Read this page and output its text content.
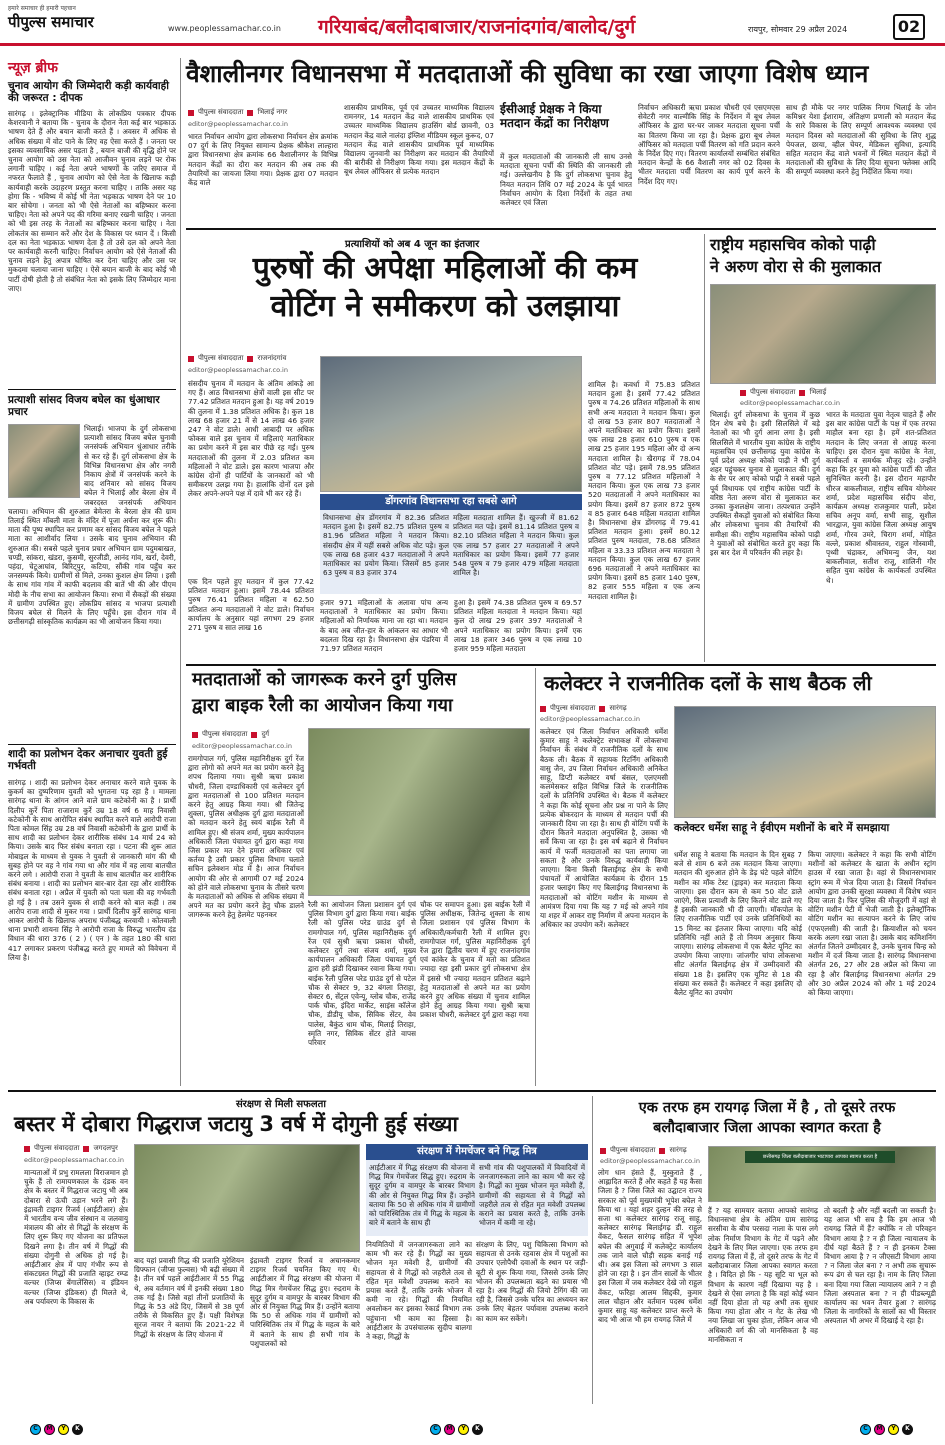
हमारे समाचार ही हमारी पहचान
पीपुल्स समाचार	www.peoplessamachar.co.in गरियाबंद/बलौदाबाजार/राजनांदगांव/बालोद/दुर्ग	रायपुर, सोमवार 29 अप्रैल 2024	02
न्यूज़ ब्रीफ
चुनाव आयोग की जिम्मेदारी कड़ी कार्यवाही की जरूरत : दीपक
सारंगढ़ । इलेक्ट्रानिक मीडिया के लोकप्रिय पत्रकार दीपक केशरवानी ने बताया कि - चुनाव के दौरान नेता कई बार भड़काऊ भाषण देते हैं और बयान बाजी करते हैं । अवसर में अधिक से अधिक संख्या में वोट पाने के लिए वह ऐसा करते हैं । जनता पर इसका व्यवसायिक असर पड़ता है , बयान बाजी की वृद्धि होने पर चुनाव आयोग को उस नेता को आजीवन चुनाव लड़ने पर रोक लगानी चाहिए । कई नेता अपने भाषणों के जरिए समाज में नफरत फैलाते हैं , चुनाव आयोग को ऐसे नेता के खिलाफ कड़ी कार्यवाही करके उदाहरण प्रस्तुत करना चाहिए । ताकि असर यह होगा कि - भविष्य में कोई भी नेता भड़काऊ भाषण देने पर 10 बार सोचेगा । जनता को भी ऐसे नेताओं का बहिष्कार करना चाहिए। नेता को अपने पद की गरिमा बनाए रखनी चाहिए । जनता को भी इस तरह के नेताओं का बहिष्कार करना चाहिए । नेता लोकतंत्र का सम्मान करें और देश के विकास पर ध्यान दें । किसी दल का नेता भड़काऊ भाषण देता है तो उसे दल को अपने नेता पर कार्यवाही करनी चाहिए। निर्वाचन आयोग को ऐसे नेताओं की चुनाव लड़ने हेतु अपात्र घोषित कर देना चाहिए और उस पर मुकदमा चलाया जाना चाहिए । ऐसे बयान बाजी के बाद कोई भी पार्टी दोषी होती है तो संबंधित नेता को इसके लिए जिम्मेदार माना जाए।
प्रत्याशी सांसद विजय बघेल का धुंआधार प्रचार
भिलाई। भाजपा के दुर्ग लोकसभा प्रत्याशी सांसद विजय बघेल चुनावी जनसंपर्क अभियान धुंआधार तरीके से कर रहे हैं। दुर्ग लोकसभा क्षेत्र के विभिन्न विधानसभा क्षेत्र और नगरी निकाय क्षेत्रों में जनसंपर्क करने के बाद शनिवार को सांसद विजय बघेल ने भिलाई और बेरला क्षेत्र में जबरदस्त जनसंपर्क अभियान चलाया। अभियान की शुरुआत बेमेतरा के बेरला क्षेत्र की ग्राम तिलाई स्थित माँबली माता के मंदिर में पूजा अर्चना कर शुरू की। माता की पूष्प स्थापित कर प्रणाम कर सांसद विजय बघेल ने पहले माता का आशीर्वाद लिया । उसके बाद चुनाव अभियान की शुरुआत की। सबसे पहले चुनाव प्रचार अभियान ग्राम पदुमबाखत, चण्डी, सांकरा, खंडरा, कुसमी, सुरजीडी, आनंद गांव, खर्रा, देवरी, पहंदा, चेटूआघांव, बिरिट्पुर, कटिया, सौंकी गांव पहुँच कर जनसम्पर्क किये। ग्रामीणों से मिले, उनका कुशल क्षेम लिया । इसी के साथ गांव गांव में काफी बदलाव की बातें भी की और पीएम मोदी के नीच सभा का आयोजन किया। सभा में सैकड़ों की संख्या में ग्रामीण उपस्थित हुए। लोकप्रिय सांसद व भाजपा प्रत्याशी विजय बघेल से मिलने के लिए पहुँचे। इस दौरान गांव में छत्तीसगढ़ी सांस्कृतिक कार्यक्रम का भी आयोजन किया गया।
शादी का प्रलोभन देकर अनाचार युवती हुई गर्भवती
सारंगढ़ । शादी का प्रलोभन देकर अनाचार करने वाले युवक के कुकर्म का दुष्परिणाम युवती को भुगतना पड़ रहा है । मामला सारंगढ़ थाना के आंगन आने वाले ग्राम कटेकोनी का है । प्रार्थी दिलीप कुर्रे पिता राजाराम कुर्रे उम्र 18 वर्ष 6 माह निवासी कटेकोनी के साथ आरोपित संबंध स्थापित करने वाले आरोपी राजा पिता कोमल सिंह उम्र 28 वर्ष निवासी कटेकोनी के द्वारा प्रार्थी के साथ शादी का प्रलोभन देकर शारीरिक संबंध 14 मार्च 24 को किया। उसके बाद फिर संबंध बनाता रहा । पटना की शुरू आत मोबाइल के माध्यम से युवक ने युवती से जानकारी मांग की थी सुबह होने पर वह ने गांव गया था और गांव में वह लाया बातचीत करने लगे । आरोपी राजा ने युवती के साथ बातचीत कर शारीरिक संबंध बनाया । शादी का प्रलोभन बार-बार देता रहा और शारीरिक संबंध बनाता रहा । अप्रैल में युवती को पता चला की वह गर्भवती हो गई है । तब उसने युवक से शादी करने को बात कही । तब आरोप राजा शादी से मुकर गया । प्रार्थी दिलीप कुर्रे सारंगढ़ थाना आकर आरोपी के खिलाफ अपराध पंजीबद्ध करवायी । कोतवाली थाना प्रभारी शायना सिंह ने आरोपी राजा के विरुद्ध भारतीय दंड विधान की धारा 376 ( 2 ) ( एन ) के तहत 180 की धारा 417 लगाकर प्रकरण पंजीबद्ध करते हुए मामले को विवेचना में लिया है।
वैशालीनगर विधानसभा में मतदाताओं की सुविधा का रखा जाएगा विशेष ध्यान
पीपुल्स संवाददाता भिलाई नगर
editor@peoplessamachar.co.in
भारत निर्वाचन आयोग द्वारा लोकसभा निर्वाचन क्षेत्र क्रमांक 07 दुर्ग के लिए नियुक्त सामान्य प्रेक्षक श्रीकेश लाल्हारा द्वारा विधानसभा क्षेत्र क्रमांक 66 वैशालीनगर के विभिन्न मतदान केंद्रों का दौरा कर मतदान की अब तक की तैयारियों का जायजा लिया गया। प्रेक्षक द्वारा 07 मतदान केंद्र वाले
शासकीय प्राथमिक, पूर्व एवं उच्चतर माध्यमिक विद्यालय रामनगर, 14 मतदान केंद्र वाले शासकीय प्राथमिक एवं उच्चतर माध्यमिक विद्यालय हाउसिंग बोर्ड छावनी, 03 मतदान केंद्र वाले नालंदा इंग्लिश मीडियम स्कूल कुरूद, 07 मतदान केंद्र वाले शासकीय प्राथमिक पूर्व माध्यमिक विद्यालय जुनवानी का निरीक्षण कर मतदान की तैयारियों की बारीकी से निरीक्षण किया गया। इस मतदान केंद्रों के बूथ लेवल ऑफिसर से प्रत्येक मतदान
ईसीआई प्रेक्षक ने किया मतदान केंद्रों का निरीक्षण
में कुल मतदाताओं की जानकारी ली साथ उनसे मतदाता सूचना पर्ची की स्थिति की जानकारी ली गई। उल्लेखनीय है कि दुर्ग लोकसभा चुनाव हेतु नियत मतदान तिथि 07 मई 2024 के पूर्व भारत निर्वाचन आयोग के दिशा निर्देशों के तहत तथा कलेक्टर एवं जिला
निर्वाचन अधिकारी ऋचा प्रकाश चौधरी एवं एसएमएस सेवेटरी नगर वाल्मीकि सिंह के निर्देशन में बूथ लेवल ऑफिसर के द्वारा घर-घर जाकर मतदाता सूचना पर्ची का वितरण किया जा रहा है। प्रेक्षक द्वारा बूथ लेवल ऑफिसर को मतदाता पर्ची वितरण को गति प्रदान करने के निर्देश दिए गए। वितरण कार्यालयों सम्बंधित संबंधित मतदान केन्द्रों के 66 वैशाली नगर को 02 दिवस के भीतर मतदाता पर्ची वितरण का कार्य पूर्ण करने के निर्देश दिए गए।
साथ ही मौके पर नगर पालिक निगम भिलाई के जोन कमिश्नर येशा ईशाराम, अंतिक्षण प्रणाली को मतदान केंद्र के सारे विकास के लिए सम्पूर्ण आवश्यक व्यवस्था एवं मतदान दिवस को मतदाताओं की सुविधा के लिए शुद्ध पेयजल, छाया, व्हील चेयर, मेडिकल सुविधा, इत्यादि सहित मतदान केंद्र वाले भवनों में स्थित मतदान केंद्रों में मतदाताओं की सुविधा के लिए दिया सूचना फ्लेक्स आदि की सम्पूर्ण व्यवस्था करने हेतु निर्देशित किया गया।
प्रत्याशियों को अब 4 जून का इंतजार
पुरुषों की अपेक्षा महिलाओं की कम
वोटिंग ने समीकरण को उलझाया
पीपुल्स संवाददाता राजनांदगांव
editor@peoplessamachar.co.in
संसदीय चुनाव में मतदान के अंतिम आंकड़े आ गए हैं। आठ विधानसभा क्षेत्रों वाली इस सीट पर 77.42 प्रतिशत मतदान हुआ है। यह वर्ष 2019 की तुलना में 1.38 प्रतिशत अधिक है। कुल 18 लाख 68 हजार 21 में से 14 लाख 46 हजार 247 ने वोट डाले। आधी आबादी पर अधिक फोकस वाले इस चुनाव में महिलाएं मताधिकार का प्रयोग करने में इस बार पीछे रह गईं। पुरुष मतदाताओं की तुलना में 2.03 प्रतिशत कम महिलाओं ने वोट डाले। इस कारण भाजपा और कांग्रेस दोनों ही पार्टियों के जानकारों को भी समीकरण उलझ गया है। हालांकि दोनों दल इसे लेकर अपने-अपने पक्ष में दावे भी कर रहे हैं।
एक दिन पहले हुए मतदान में कुल 77.42 प्रतिशत मतदान हुआ। इसमें 78.44 प्रतिशत पुरुष 76.41 प्रतिशत महिला व 62.50 प्रतिशत अन्य मतदाताओं ने वोट डाले। निर्वाचन कार्यालय के अनुसार यहां लगभग 29 हजार 271 पुरुष व सात लाख 16
डोंगरगांव विधानसभा रहा सबसे आगे
विधानसभा क्षेत्र डोंगरगांव में 82.36 प्रतिशत मतदान हुआ है। इसमें 82.75 प्रतिशत पुरुष व 81.96 प्रतिशत महिला ने मतदान किया। संसदीय क्षेत्र में यहीं सबसे अधिक वोट पड़े। कुल एक लाख 68 हजार 437 मतदाताओं ने अपने मताधिकार का प्रयोग किया। जिसमें 85 हजार 63 पुरुष व 83 हजार 374
महिला मतदाता शामिल हैं। खुज्जी में 81.62 प्रतिशत मत पड़े। इसमें 81.14 प्रतिशत पुरुष व 82.10 प्रतिशत महिला ने मतदान किया। कुल एक लाख 57 हजार 27 मतदाताओं ने अपने मताधिकार का प्रयोग किया। इसमें 77 हजार 548 पुरुष व 79 हजार 479 महिला मतदाता शामिल है।
हजार 971 महिलाओं के अलावा पांच अन्य मतदाताओं ने मताधिकार का प्रयोग किया। महिलाओं को निर्णायक माना जा रहा था। मतदान के बाद अब जीत-हार के आंकलन का आधार भी बदलता दिख रहा है। विधानसभा क्षेत्र पंडरिया में 71.97 प्रतिशत मतदान
हुआ है। इसमें 74.38 प्रतिशत पुरुष व 69.57 प्रतिशत महिला मतदाता ने मतदान किया। यहां कुल दो लाख 29 हजार 397 मतदाताओं ने अपने मताधिकार का प्रयोग किया। इनमें एक लाख 18 हजार 346 पुरुष व एक लाख 10 हजार 959 महिला मतदाता
शामिल है। कवर्धा में 75.83 प्रतिशत मतदान हुआ है। इसमें 77.42 प्रतिशत पुरुष व 74.26 प्रतिशत महिलाओं के साथ सभी अन्य मतदाता ने मतदान किया। कुल दो लाख 53 हजार 807 मतदाताओं ने अपने मताधिकार का प्रयोग किया। इसमें एक लाख 28 हजार 610 पुरुष व एक लाख 25 हजार 195 महिला और दो अन्य मतदाता शामिल है। खैरागढ़ में 78.04 प्रतिशत वोट पड़े। इसमें 78.95 प्रतिशत पुरुष व 77.12 प्रतिशत महिलाओं ने मतदान किया। कुल एक लाख 73 हजार 520 मतदाताओं ने अपने मताधिकार का प्रयोग किया। इसमें 87 हजार 872 पुरुष व 85 हजार 648 महिला मतदाता शामिल है। विधानसभा क्षेत्र डोंगरगढ़ में 79.41 प्रतिशत मतदान हुआ। इसमें 80.12 प्रतिशत पुरुष मतदाता, 78.68 प्रतिशत महिला व 33.33 प्रतिशत अन्य मतदाता ने मतदान किया। कुल एक लाख 67 हजार 696 मतदाताओं ने अपने मताधिकार का प्रयोग किया। इसमें 85 हजार 140 पुरुष, 82 हजार 555 महिला व एक अन्य मतदाता शामिल है।
राष्ट्रीय महासचिव कोको पाढ़ी
ने अरुण वोरा से की मुलाकात
पीपुल्स संवाददाता भिलाई
editor@peoplessamachar.co.in
भिलाई। दुर्ग लोकसभा के चुनाव में कुछ दिन शेष बचे है। इसी सिलसिले में बड़े नेताओं का भी दुर्ग आना लगा है। इसी सिलसिले में भारतीय युवा कांग्रेस के राष्ट्रीय महासचिव एवं छत्तीसगढ़ युवा कांग्रेस के पूर्व प्रदेश अध्यक्ष कोको पाढ़ी ने भी दुर्ग शहर पहुंचकर चुनाव से मुलाकात की। दुर्ग के सैर पर आए कोको पाढ़ी ने सबसे पहले पूर्व विधायक एवं राष्ट्रीय कांग्रेस पार्टी के वरिष्ठ नेता अरुण वोरा से मुलाकात कर उनका कुशलक्षेम जाना। तत्पश्चात उन्होंने उपस्थित सैकड़ों युवाओं को संबोधित किया और लोकसभा चुनाव की तैयारियों की समीक्षा की। राष्ट्रीय महासचिव कोको पाढ़ी ने युवाओं को संबोधित करते हुए कहा कि इस बार देश में परिवर्तन की लहर है।
भारत के मतदाता युवा नेतृत्व चाहते हैं और इस बार कांग्रेस पार्टी के पक्ष में एक तरफा माहौल बना रहा है। हमें शत-प्रतिशत मतदान के लिए जनता से आग्रह करना चाहिए। इस दौरान युवा कांग्रेस के नेता, कार्यकर्ता व समर्थक मौजूद रहे। उन्होंने कहा कि हर युवा को कांग्रेस पार्टी की जीत सुनिश्चित करनी है। इस दौरान महापौर धीरज बाकलीवाल, राष्ट्रीय सचिव योगेश्वर शर्मा, प्रदेश महासचिव संदीप वोरा, कार्यक्रम अध्यक्ष राजकुमार पाली, प्रदेश सचिव अनूप वर्मा, सभी साहू, सुशील भारद्वाज, युवा कांग्रेस जिला अध्यक्ष आयुष शर्मा, गौरव उमरे, चिराग शर्मा, मोहित वल्ले, प्रकाश श्रीवास्तव, राहुल गोस्वामी, पृथ्वी चंद्राकर, अभिमन्यु जैन, यश बाकलीवाल, सतीश राजू, शालिनी गौर सहित युवा कांग्रेस के कार्यकर्ता उपस्थित थे।
मतदाताओं को जागरूक करने दुर्ग पुलिस
द्वारा बाइक रैली का आयोजन किया गया
पीपुल्स संवाददाता दुर्ग
editor@peoplessamachar.co.in
रामगोपाल गर्ग, पुलिस महानिरीक्षक दुर्ग रेंज द्वारा लोगो को अपने मत का प्रयोग करने हेतु शपथ दिलाया गया। सुश्री ऋचा प्रकाश चौधरी, जिला दण्डाधिकारी एवं कलेक्टर दुर्ग द्वारा मतदाताओं से 100 प्रतिशत मतदान करने हेतु आग्रह किया गया। श्री जितेन्द्र शुक्ला, पुलिस अधीक्षक दुर्ग द्वारा मतदाताओं को मतदान करने हेतु स्वयं बाईक रैली में शामिल हुए। श्री संजय शर्मा, मुख्य कार्यपालन अधिकारी जिला पंचायत दुर्ग द्वारा कहा गया जिस प्रकार मत देने हमारा अधिकार एवं कर्तव्य है उसी प्रकार पुलिस विभाग चलाते सचिन इलेक्शन मोड में है। आज निर्वाचन आयोग की ओर से आगामी 07 मई 2024 को होने वाले लोकसभा चुनाव के तीसरे चरण के मतदाताओं को अधिक से अधिक संख्या में अपने मत का प्रयोग करने हेतु चौक डालने जागरूक करने हेतु हेलमेट पहनकर
रैली का आयोजन जिला प्रशासन दुर्ग एवं पुलिस विभाग दुर्ग द्वारा किया गया। बाईक रैली को पुलिस परेड ग्राउंड दुर्ग से रामगोपाल गर्ग, पुलिस महानिरीक्षक दुर्ग रेंज एवं सुश्री ऋचा प्रकाश चौधरी, कलेक्टर दुर्ग तथा संजय शर्मा, मुख्य कार्यपालन अधिकारी जिला पंचायत दुर्ग द्वारा हरी झंडी दिखाकर रवाना किया गया। बाईक रैली पुलिस परेड ग्राउंड दुर्ग से पटेल चौक से सेक्टर 9, 32 बंगला तिराहा, सेक्टर 6, सेंट्रल एवेन्यू, ग्लोब चौक, राजेंद्र पार्क चौक, इंदिरा मार्केट, साइंस कॉलेज चौक, डीडीयू चौक, सिविक सेंटर, वेव पालेस, बैकुंठ धाम चौक, मिलाई तिराहा, स्मृति नगर, सिविक सेंटर होते वापस परिवार
चौक पर समापन हुआ। इस बाईक रैली में पुलिस अधीक्षक, जितेन्द्र शुक्ला के साथ जिला प्रशासन एवं पुलिस विभाग के अधिकारी/कर्मचारी रैली में शामिल हुए। रामगोपाल गर्ग, पुलिस महानिरीक्षक दुर्ग रेंज द्वारा द्वितीय चरण में हुए राजनांदगांव एवं कांकेर के चुनाव में मतो का प्रतिशत ज्यादा रहा इसी प्रकार दुर्ग लोकसभा क्षेत्र में इससे भी ज्यादा मतदान प्रतिशत बढ़ाने हेतु मतदाताओं से अपने मत का प्रयोग करने हुए अधिक संख्या में चुनाव शामिल होने हेतु आग्रह किया गया। सुश्री ऋचा प्रकाश चौधरी, कलेक्टर दुर्ग द्वारा कहा गया
कलेक्टर ने राजनीतिक दलों के साथ बैठक ली
पीपुल्स संवाददाता सारंगढ़
editor@peoplessamachar.co.in
कलेक्टर एवं जिला निर्वाचन अधिकारी धर्मेश कुमार साहू ने कलेक्ट्रेट सभाकक्ष में लोकसभा निर्वाचन के संबंध में राजनीतिक दलों के साथ बैठक ली। बैठक में सहायक रिटर्निंग अधिकारी वासु जैन, उप जिला निर्वाचन अधिकारी अनिकेत साहू, डिप्टी कलेक्टर वर्षा बंसल, एलएमसी कलमेसकर सहित विभिन्न जिले के राजनीतिक दलों के प्रतिनिधि उपस्थित थे। बैठक में कलेक्टर ने कहा कि कोई सूचना और प्रश्न ना पाने के लिए प्रत्येक बोकरदान के माध्यम से मतदान पर्ची की जानकारी दिया जा रहा है। साथ ही वोटिंग पर्ची के दौरान कितने मतदाता अनुपस्थित है, उसका भी सर्वे किया जा रहा है। इस वर्ष बढ़ाने से निर्वाचन कार्य में फर्जी मतदाताओं का पता लगाया जा सकता है और उनके विरुद्ध कार्यवाही किया जाएगा। बिना किसी बिलाईगढ़ क्षेत्र के सभी पंचायतों में आयोजित कार्यक्रम के दौरान 15 हजार फ्लाइंग किए गए बिलाईगढ़ विधानसभा के मतदाताओं को वोटिंग मशीन के माध्यम से आमंत्रण दिया गया कि यह 7 मई को अपने गांव या शहर में आकर राष्ट्र निर्माण में अपना मतदान के अधिकार का उपयोग करें। कलेक्टर
कलेक्टर धर्मेश साहू ने ईवीएम मशीनों के बारे में समझाया
धर्मेश साहू ने बताया कि मतदान के दिन सुबह 7 बजे से शाम 6 बजे तक मतदान किया जाएगा। मतदान की शुरुआत होने के डेढ़ घंटे पहले वोटिंग मशीन का मॉक टेस्ट (ड्राइव) कर मतदाता किया जाएगा। इस दौरान कम से कम 50 वोट डाले जाएंगे, किस प्रत्याशी के लिए कितने वोट डाले गए हैं इसकी जानकारी भी दी जाएगी। मॉकपोल के लिए राजनीतिक पार्टी एवं उनके प्रतिनिधियों का 15 मिनट का इंतजार किया जाएगा। यदि कोई प्रतिनिधि नहीं आते हैं तो नियम अनुसार किया जाएगा। सारंगढ़ लोकसभा में एक बैलेट यूनिट का उपयोग किया जाएगा। जांजगीर चांपा लोकसभा सीट अंतर्गत बिलाईगढ़ क्षेत्र में उम्मीदवारों की संख्या 18 है। इसलिए एक यूनिट से 18 की संख्या कर सकते हैं। कलेक्टर ने कहा इसलिए दो बैलेट यूनिट का उपयोग
किया जाएगा। कलेक्टर ने कहा कि सभी वोटिंग मशीनों को कलेक्टर के खाता के अधीन स्ट्रांग हाउस में रखा जाता है। वहां से विधानसभावार स्ट्रांग रूम में भेज दिया जाता है। जिसमें निर्वाचन आयोग द्वारा उनकी सुरक्षा व्यवस्था में विशेष ध्यान दिया जाता है। फिर पुलिस की मौजूदगी में वहां से वोटिंग मशीन पेटी में भेजी जाती है। इलेक्ट्रॉनिक वोटिंग मशीन का सत्यापन करने के लिए जांच (एफएलसी) की जाती है। क्रियाशील को चयन करके अलग रखा जाता है। उसके बाद कमिशनिंग अंतर्गत जितने उम्मीदवार है, उनके चुनाव चिन्ह को मशीन में दर्ज किया जाता है। सारंगढ़ विधानसभा अंतर्गत 26, 27 और 28 अप्रैल को किया जा रहा है और बिलाईगढ़ विधानसभा अंतर्गत 29 और 30 अप्रैल 2024 को और 1 मई 2024 को किया जाएगा।
संरक्षण से मिली सफलता
बस्तर में दोबारा गिद्धराज जटायु 3 वर्ष में दोगुनी हुई संख्या
पीपुल्स संवाददाता जगदलपुर
editor@peoplessamachar.co.in
मान्यताओं में प्रभु रामलला विराजमान हो चुके हैं तो रामायणकाल के दंडक वन क्षेत्र के बस्तर में गिद्धराज जटायु भी अब दोबारा से ऊंची उड़ान भरने लगे हैं। इंद्रावती टाइगर रिजर्व (आईटीआर) क्षेत्र में भारतीय वन्य जीव संस्थान व जलवायु मंत्रालय की ओर से गिद्धों के संरक्षण के लिए शुरू किए गए योजना का प्रतिफल दिखने लगा है। तीन वर्ष में गिद्धों की संख्या दोगुनी से अधिक हो गई है। आईटीआर क्षेत्र में पाए गंभीर रूप से संकटग्रस्त गिद्धों की प्रजाति व्हाइट रम्प्ड वल्चर (जिप्स बेंगालेंसिस) व इंडियन वल्चर (जिप्स इंडिकस) ही मिलते थे, अब पर्यावरण के विकास के
बाद यहां प्रवासी गिद्ध की प्रजाति यूरेशियन ग्रिफ्फान (जीप्स फुल्वस) भी बढ़ी संख्या में है। तीन वर्ष पहले आईटीआर में 55 गिद्ध थे, अब वर्तमान वर्ष में इनकी संख्या 180 तक गई है। जिसे वहां तीनों प्रजातियों के गिद्ध के 53 अंडे दिए, जिसमें से 38 पूर्ण तरीके से विकसित हुए हैं। पक्षी विशेषज्ञ सूरज नायर ने बताया कि 2021-22 में गिद्धों के संरक्षण के लिए योजना में
इंद्रावती टाइगर रिजर्व व अचानकमार टाइगर रिजर्व चयनित किए गए थे। आईटीआर में गिद्ध संरक्षण की योजना में गिद्ध मित्र गेमचेंजर सिद्ध हुए। रुद्रराम के सुदूर दुर्गम व वामपुर के बारबर विभाग की ओर से नियुक्त गिद्ध मित्र हैं। उन्होंने बताया कि 50 से अधिक गांव में ग्रामीणों को पारिस्थितिक तंत्र में गिद्ध के महत्व के बारे में बताने के साथ ही सभी गांव के पशुपालकों को
संरक्षण में गेमचेंजर बने गिद्ध मित्र
आईटीआर में गिद्ध संरक्षण की योजना में गिद्ध मित्र गेमचेंजर सिद्ध हुए। रुद्रराम के सुदूर दुर्गम व वामपुर के बारबर विभाग की ओर से नियुक्त गिद्ध मित्र हैं। उन्होंने बताया कि 50 से अधिक गांव में ग्रामीणों को पारिस्थितिक तंत्र में गिद्ध के महत्व के बारे में बताने के साथ ही
सभी गांव की पशुपालकों में विवादियों में जनजागरुकता लाने का काम भी कर रहे है। गिद्धों का मुख्य भोजन मृत मवेशी हैं, ग्रामीणों की सहायता से वे गिद्धों को जहरीले तत्व से रहित मृत मवेशी उपलब्ध कराने का प्रयास करते है, ताकि उनके भोजन में कमी ना रहे।
नियमितियों में जनजागरुकता लाने का काम भी कर रहे हैं। गिद्धों का मुख्य भोजन मृत मवेशी है, ग्रामीणों की सहायता से वे गिद्धों को जहरीले तत्व से रहित मृत मवेशी उपलब्ध कराने का प्रयास करते हैं, ताकि उनके भोजन में कमी ना रहे। गिद्धों की नियमित अवलोकन कर इसका रेकार्ड विभाग तक पहुंचाना भी काम का हिस्सा है। आईटीआर के उपसंचालक सुदीप बालगा ने कहा, गिद्धों के
संरक्षण के लिए, पशु चिकित्सा विभाग को सहायता से उनके रहवास क्षेत्र में पशुओं का उपचार एलोपैथी दवाओं के स्थान पर जड़ी-बूटी से शुरू किया गया, जिससे उनके लिए भोजन की उपलब्धता बढ़ने का प्रयास भी रहा है। अब गिद्धों की जियो टैगिंग की जा रही है, जिससे उनके चरित्र का अध्ययन कर उनके लिए बेहतर पर्यावास उपलब्ध कराने का काम कर सकेंगे।
एक तरफ हम रायगढ़ जिला में है , तो दूसरे तरफ
बलौदाबाजार जिला आपका स्वागत करता है
पीपुल्स संवाददाता सारंगढ़
editor@peoplessamachar.co.in
लोग धान हंसते हैं, मुस्कुराते हैं , आह्लादित करते हैं और कहते हैं यह कैसा जिला है ? जिस जिले का उद्घाटन राज्य सरकार को पूर्व मुख्यमंत्री भूपेश बघेल ने किया था । यहां शहर दुल्हन की तरह से सजा था कलेक्टर सारंगढ़ राजू साहू, कलेक्टर सारंगढ़ बिलाईगढ़ डी. राहुल वेंकट, फैसल सारंगढ़ सहित में भूपेश बघेल की अगुवाई में कलेक्ट्रेट कार्यालय तक जाने वाले चौड़ी सड़क बनाई गई थी। अब इस जिला को लगभग 3 साल होने जा रहा है । इन तीन सालों के भीतर इस जिला में जब कलेक्टर देखे जो राहुल वेंकट, फरिहा आलम सिद्दकी, कुमार लाल चौहान और वर्तमान पदस्थ धर्मेश कुमार साहू यह कलेक्टर प्राप्त करने के बाद भी आज भी हम रायगढ़ जिले में
छत्तीसगढ़ जिला बलौदाबाजार भाटापारा आपका स्वागत करता है
हैं ? यह सामयार बताया आपको सारंगढ़ विधानसभा क्षेत्र के अंतिम ग्राम सारंगढ़ सरसीवा के बीच परसदा नाला के पास लगे लोक निर्माण विभाग के गेट में पढ़ने और देखने के लिए मिल जाएगा। एक तरफ हम रायगढ़ जिला में हैं, तो दूसरे तरफ के गेट में बलौदाबाजार जिला आपका स्वागत करता है । विदित हो कि - यह सूटि या भूल को विभाग के कारण नहीं दिखाया यह है । देखने से ऐसा लगता है कि वहां कोई ध्यान नहीं दिया होता तो यह अभी तक सुधार किया गया होता और न गेट के लेख भी नया लिखा जा चुका होता, लेकिन आज भी अधिकारी वर्ग की जो मानसिकता है वह मानसिकता न
तो बदली है और नहीं बदली जा सकती है। यह आज भी सच है कि हम आज भी रायगढ़ जिले में हैं? क्योंकि न तो परिवहन विभाग आया है ? न ही जिला न्यायालय के दीर्घ यहां बैठते हैं ? न ही इनकम टैक्स विभाग आया है ? न जीएसटी विभाग आया ? न जिला जेल बना ? न अभी तक सुचारू रूप ढंग से चल रहा है। नाम के लिए जिला बना दिया गया जिला न्यायालय आने ? न ही जिला अस्पताल बना ? न ही पीडब्ल्यूडी कार्यालय का भवन तैयार हुआ ? सारंगढ़ जिला के नागरिकों के सालों का भी विस्तार अस्पताल भी अभर में दिखाई दे रहा है।
C	M	Y	K	C	M	Y	K	C	M	Y	K
